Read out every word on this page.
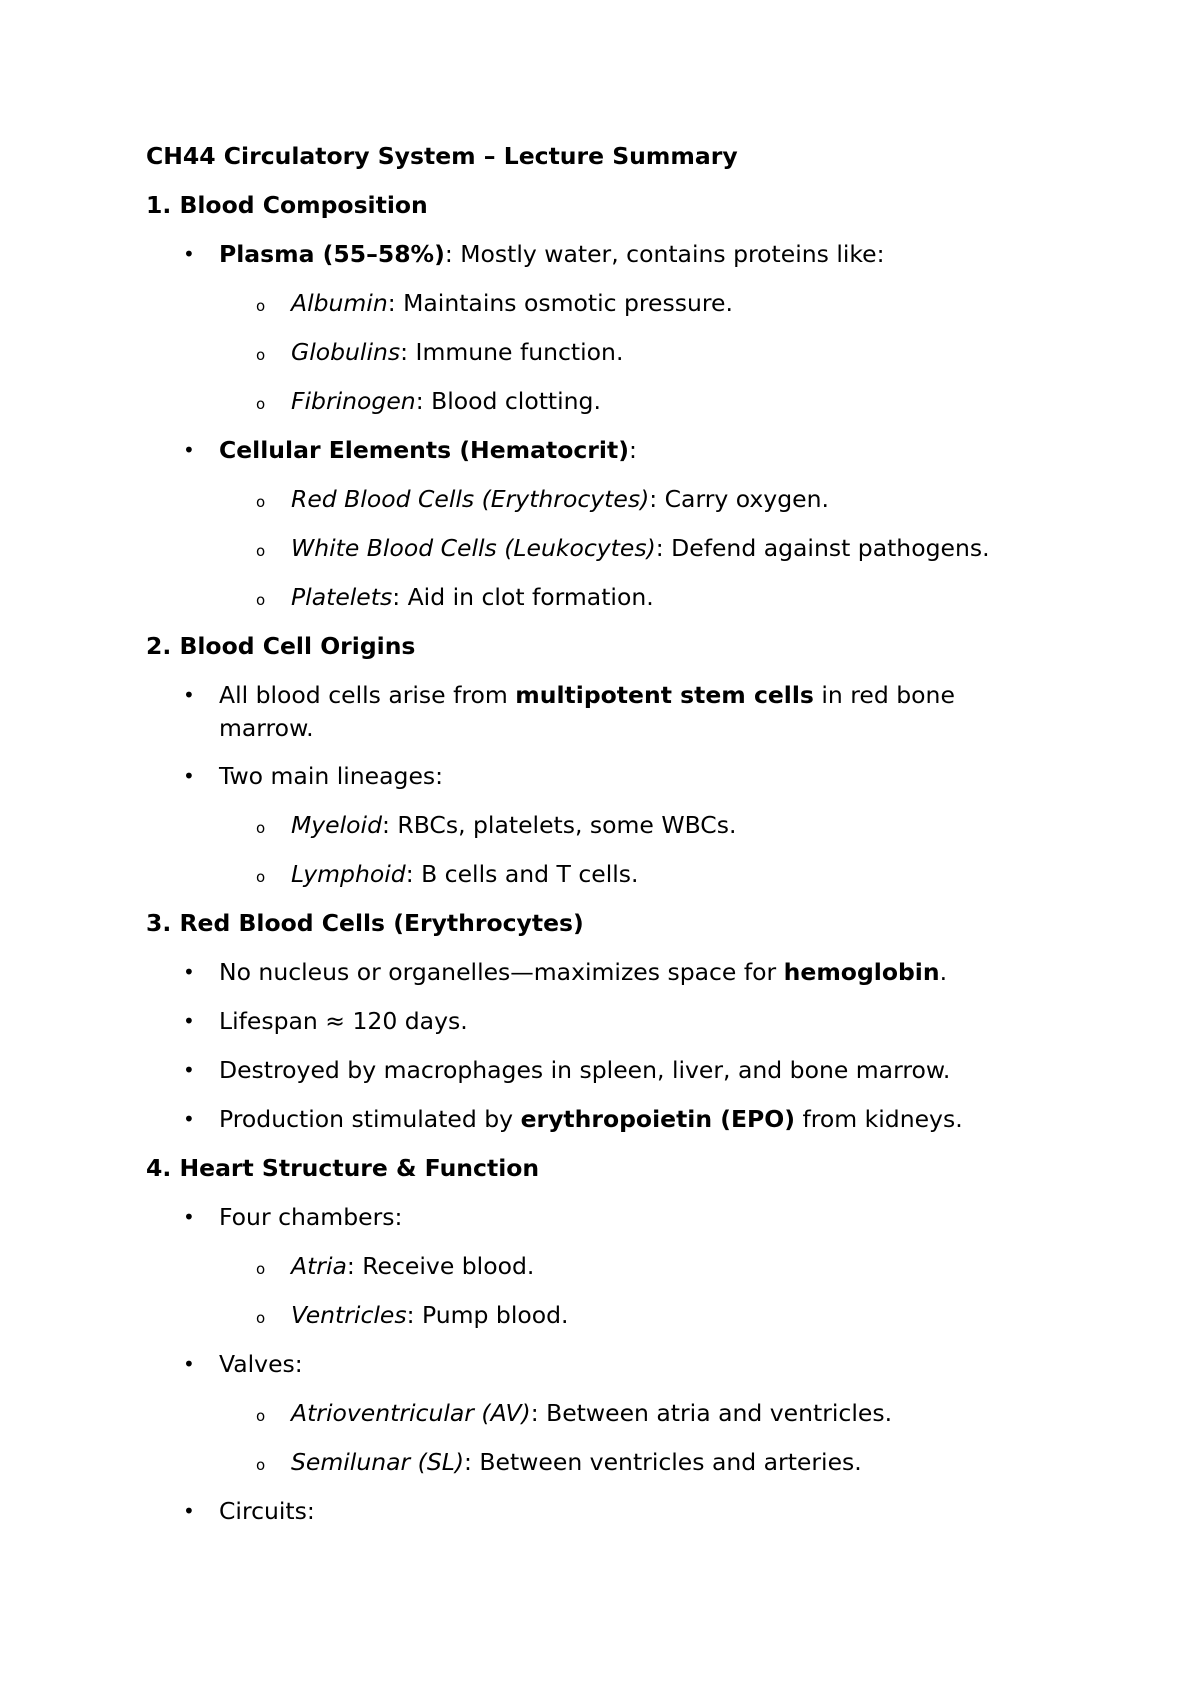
CH44 Circulatory System – Lecture Summary

1. Blood Composition

• Plasma (55–58%): Mostly water, contains proteins like:
o Albumin: Maintains osmotic pressure.
o Globulins: Immune function.
o Fibrinogen: Blood clotting.
• Cellular Elements (Hematocrit):
o Red Blood Cells (Erythrocytes): Carry oxygen.
o White Blood Cells (Leukocytes): Defend against pathogens.
o Platelets: Aid in clot formation.

2. Blood Cell Origins

• All blood cells arise from multipotent stem cells in red bone
marrow.
• Two main lineages:
o Myeloid: RBCs, platelets, some WBCs.
o Lymphoid: B cells and T cells.

3. Red Blood Cells (Erythrocytes)

• No nucleus or organelles—maximizes space for hemoglobin.
• Lifespan ≈ 120 days.
• Destroyed by macrophages in spleen, liver, and bone marrow.
• Production stimulated by erythropoietin (EPO) from kidneys.

4. Heart Structure & Function

• Four chambers:
o Atria: Receive blood.
o Ventricles: Pump blood.
• Valves:
o Atrioventricular (AV): Between atria and ventricles.
o Semilunar (SL): Between ventricles and arteries.
• Circuits:
